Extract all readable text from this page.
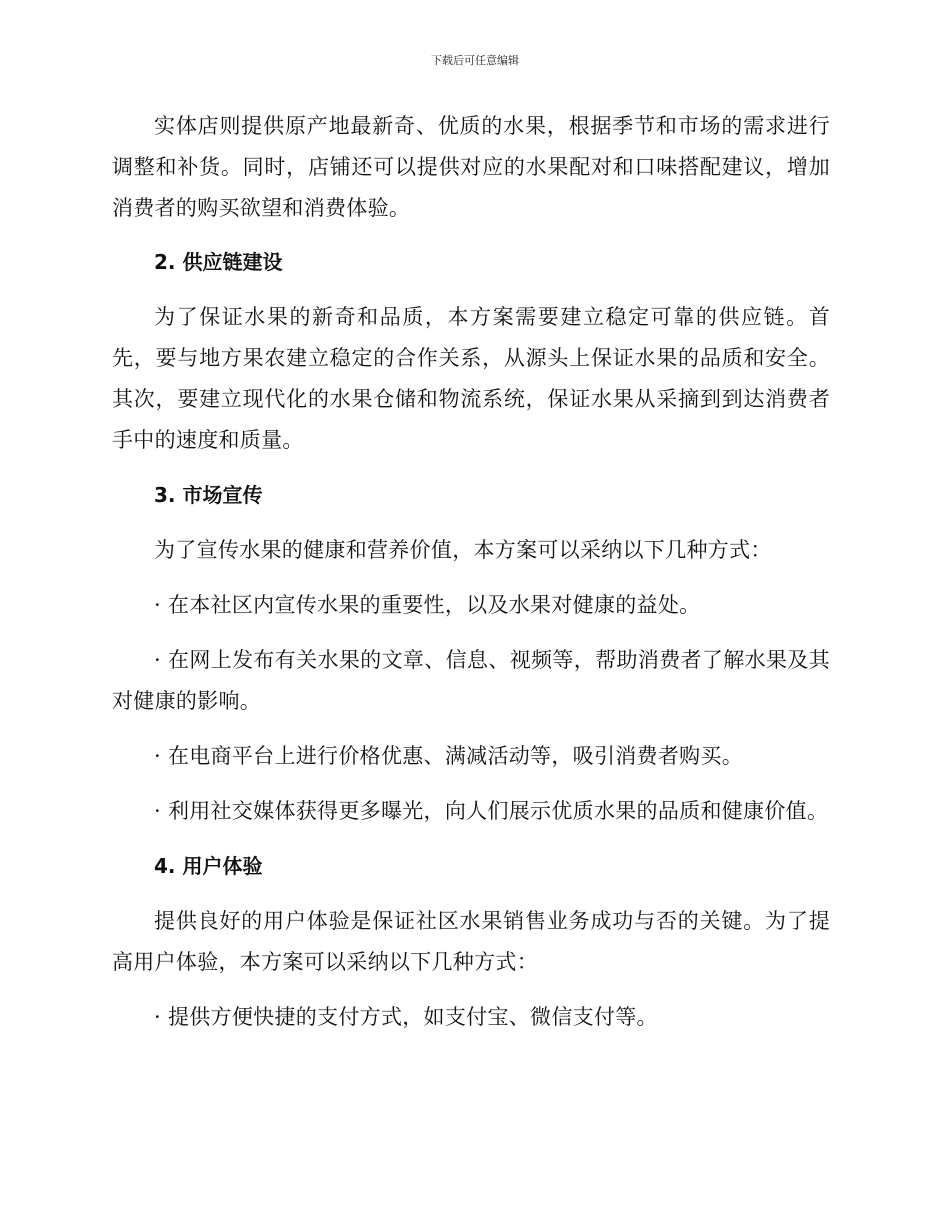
下载后可任意编辑

实体店则提供原产地最新奇、优质的水果，根据季节和市场的需求进行调整和补货。同时，店铺还可以提供对应的水果配对和口味搭配建议，增加消费者的购买欲望和消费体验。

2. 供应链建设

为了保证水果的新奇和品质，本方案需要建立稳定可靠的供应链。首先，要与地方果农建立稳定的合作关系，从源头上保证水果的品质和安全。其次，要建立现代化的水果仓储和物流系统，保证水果从采摘到到达消费者手中的速度和质量。

3. 市场宣传

为了宣传水果的健康和营养价值，本方案可以采纳以下几种方式：

· 在本社区内宣传水果的重要性，以及水果对健康的益处。

· 在网上发布有关水果的文章、信息、视频等，帮助消费者了解水果及其对健康的影响。

· 在电商平台上进行价格优惠、满减活动等，吸引消费者购买。

· 利用社交媒体获得更多曝光，向人们展示优质水果的品质和健康价值。

4. 用户体验

提供良好的用户体验是保证社区水果销售业务成功与否的关键。为了提高用户体验，本方案可以采纳以下几种方式：

· 提供方便快捷的支付方式，如支付宝、微信支付等。
